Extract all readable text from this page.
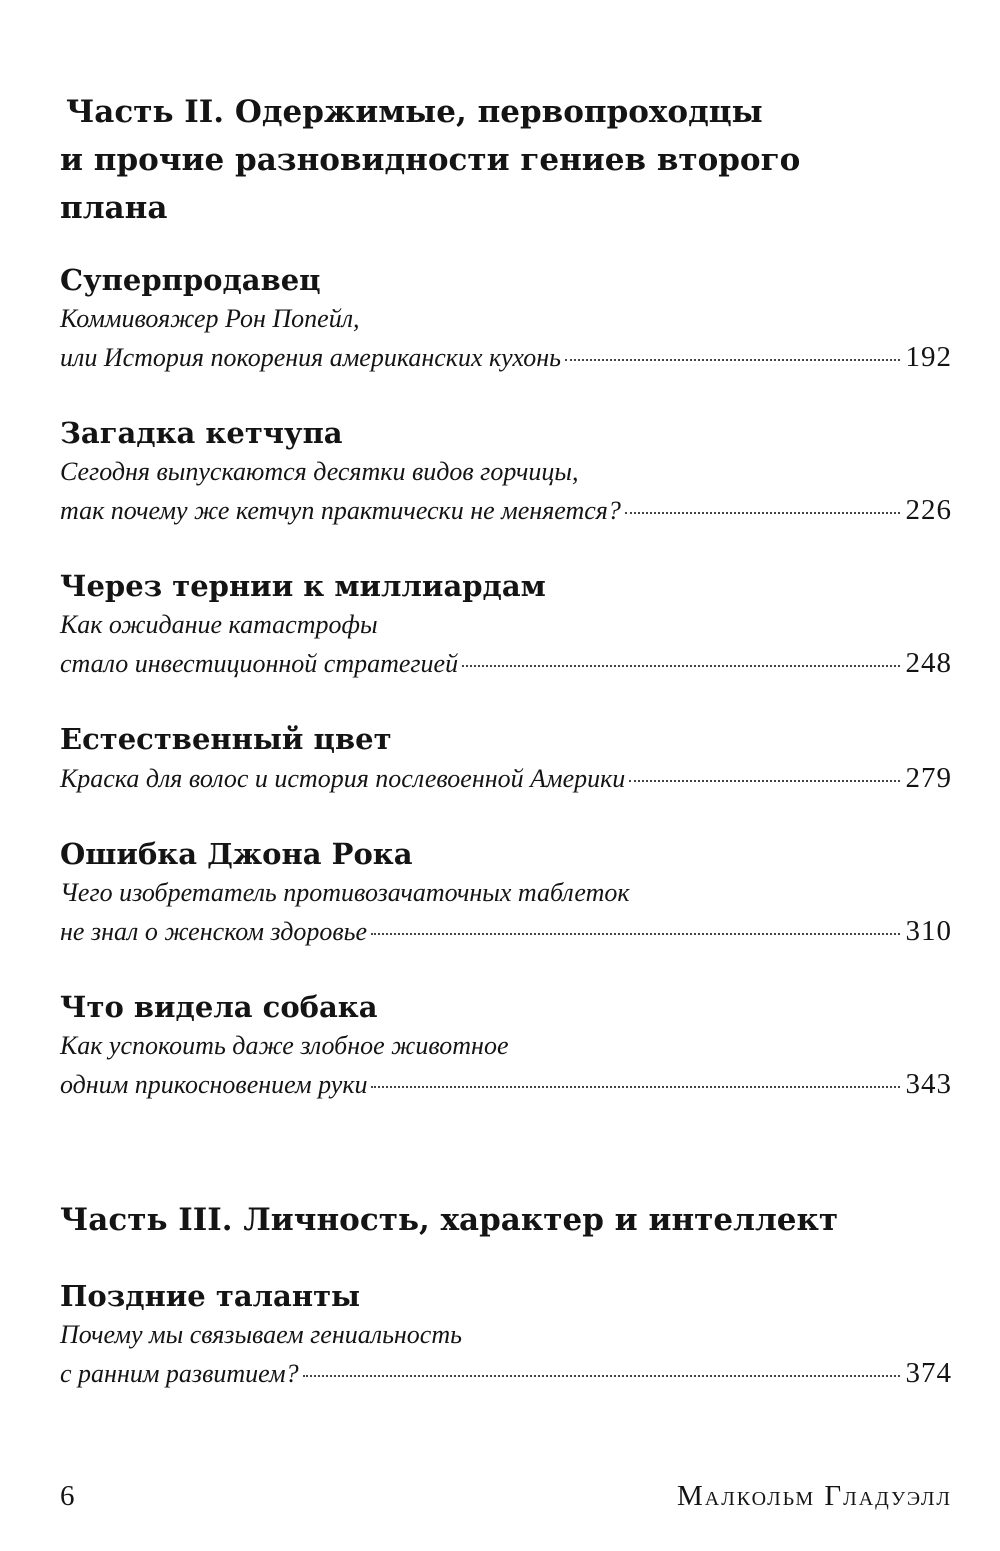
Часть II. Одержимые, первопроходцы
и прочие разновидности гениев второго
плана
Суперпродавец
Коммивояжер Рон Попейл,
или История покорения американских кухонь	192
Загадка кетчупа
Сегодня выпускаются десятки видов горчицы,
так почему же кетчуп практически не меняется?	226
Через тернии к миллиардам
Как ожидание катастрофы
стало инвестиционной стратегией	248
Естественный цвет
Краска для волос и история послевоенной Америки	279
Ошибка Джона Рока
Чего изобретатель противозачаточных таблеток
не знал о женском здоровье	310
Что видела собака
Как успокоить даже злобное животное
одним прикосновением руки	343
Часть III. Личность, характер и интеллект
Поздние таланты
Почему мы связываем гениальность
с ранним развитием?	374
6	Малкольм Гладуэлл
